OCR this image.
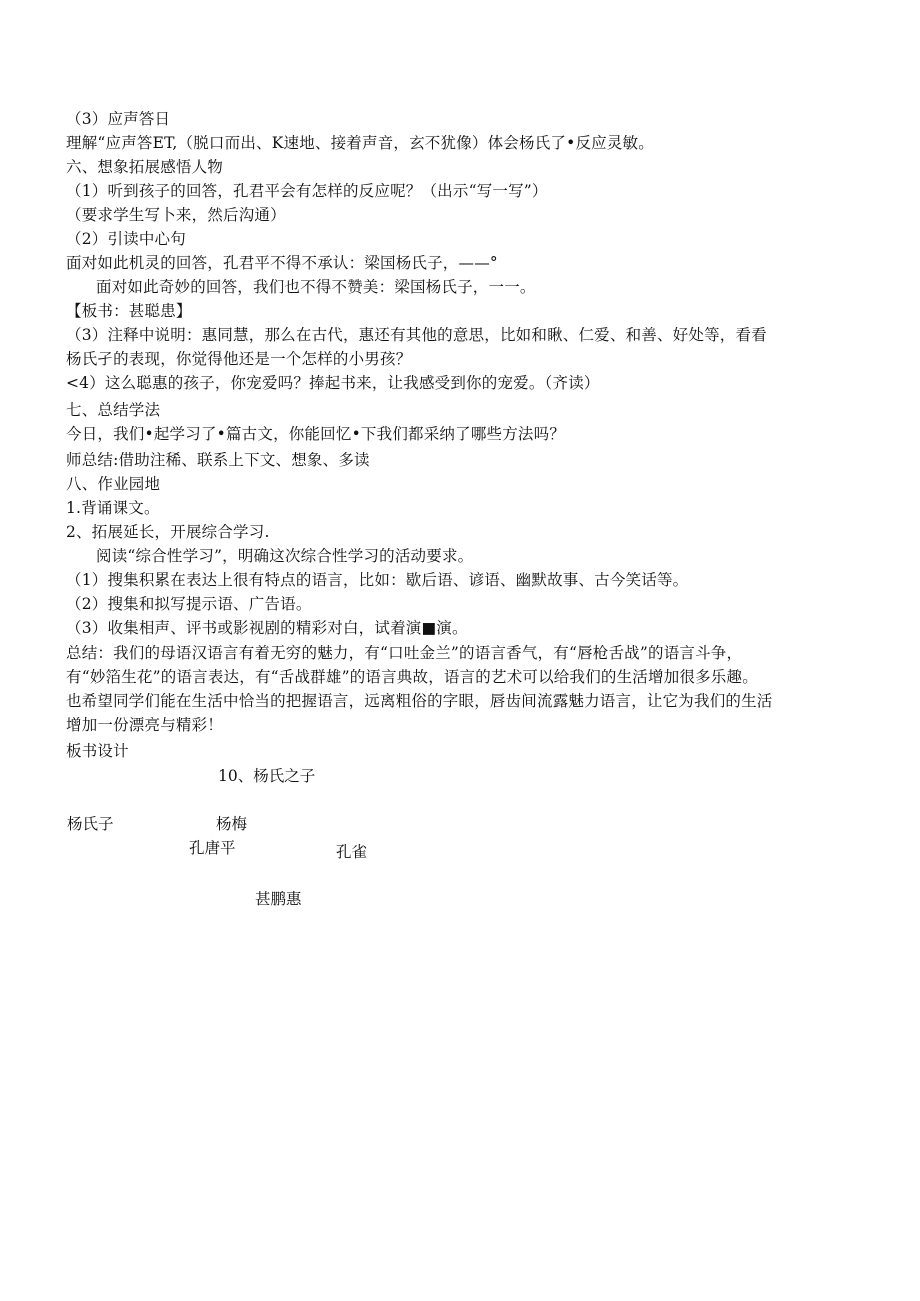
（3）应声答日
理解“应声答ET,（脱口而出、K速地、接着声音，玄不犹像）体会杨氏了•反应灵敏。
六、想象拓展感悟人物
（1）听到孩子的回答，孔君平会有怎样的反应呢？（出示“写一写”）
（要求学生写卜来，然后沟通）
（2）引读中心句
面对如此机灵的回答，孔君平不得不承认：梁国杨氏子，——°
面对如此奇妙的回答，我们也不得不赞美：梁国杨氏子，一一。
【板书：甚聪患】
（3）注释中说明：惠同慧，那么在古代，惠还有其他的意思，比如和瞅、仁爱、和善、好处等，看看
杨氏孑的表现，你觉得他还是一个怎样的小男孩？
<4）这么聪惠的孩子，你宠爱吗？捧起书来，让我感受到你的宠爱。（齐读）
七、总结学法
今日，我们•起学习了•篇古文，你能回忆•下我们都采纳了哪些方法吗？
师总结:借助注稀、联系上下文、想象、多读
八、作业园地
1.背诵课文。
2、拓展延长，开展综合学习.
阅读“综合性学习”，明确这次综合性学习的活动要求。
（1）搜集积累在表达上很有特点的语言，比如：歇后语、谚语、幽默故事、古今笑话等。
（2）搜集和拟写提示语、广告语。
（3）收集相声、评书或影视剧的精彩对白，试着演■演。
总结：我们的母语汉语言有着无穷的魅力，有“口吐金兰”的语言香气，有“唇枪舌战”的语言斗争，
有“妙箔生花”的语言表达，有“舌战群雄”的语言典故，语言的艺术可以给我们的生活增加很多乐趣。
也希望同学们能在生活中恰当的把握语言，远离粗俗的字眼，唇齿间流露魅力语言，让它为我们的生活
增加一份漂亮与精彩！
板书设计
10、杨氏之子
杨氏子	杨梅
孔唐平	孔雀
甚鹏惠
